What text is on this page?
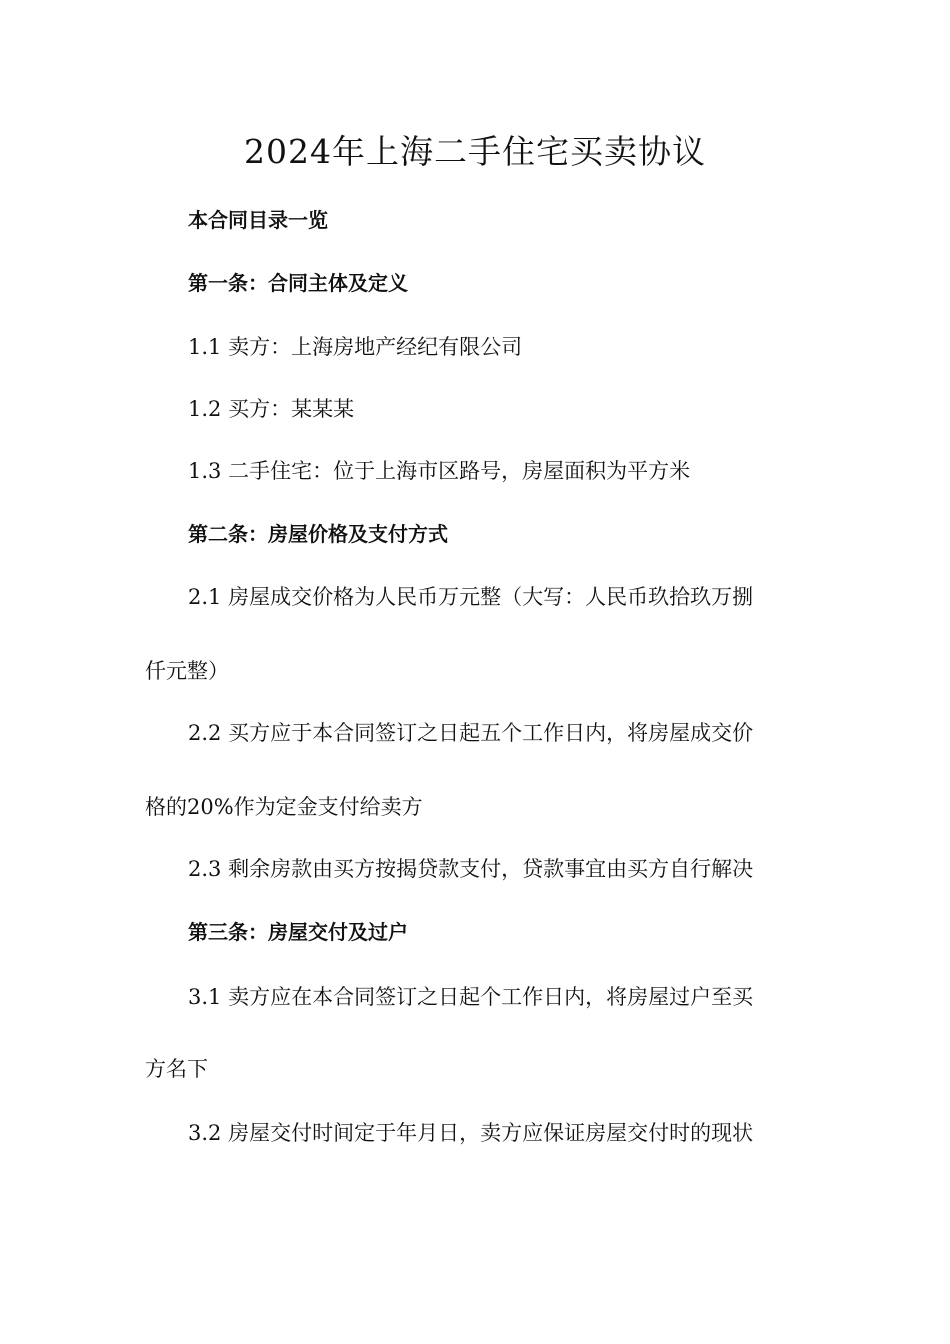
2024年上海二手住宅买卖协议
本合同目录一览
第一条：合同主体及定义
1.1 卖方：上海房地产经纪有限公司
1.2 买方：某某某
1.3 二手住宅：位于上海市区路号，房屋面积为平方米
第二条：房屋价格及支付方式
2.1 房屋成交价格为人民币万元整（大写：人民币玖拾玖万捌
仟元整）
2.2 买方应于本合同签订之日起五个工作日内，将房屋成交价
格的20%作为定金支付给卖方
2.3 剩余房款由买方按揭贷款支付，贷款事宜由买方自行解决
第三条：房屋交付及过户
3.1 卖方应在本合同签订之日起个工作日内，将房屋过户至买
方名下
3.2 房屋交付时间定于年月日，卖方应保证房屋交付时的现状
